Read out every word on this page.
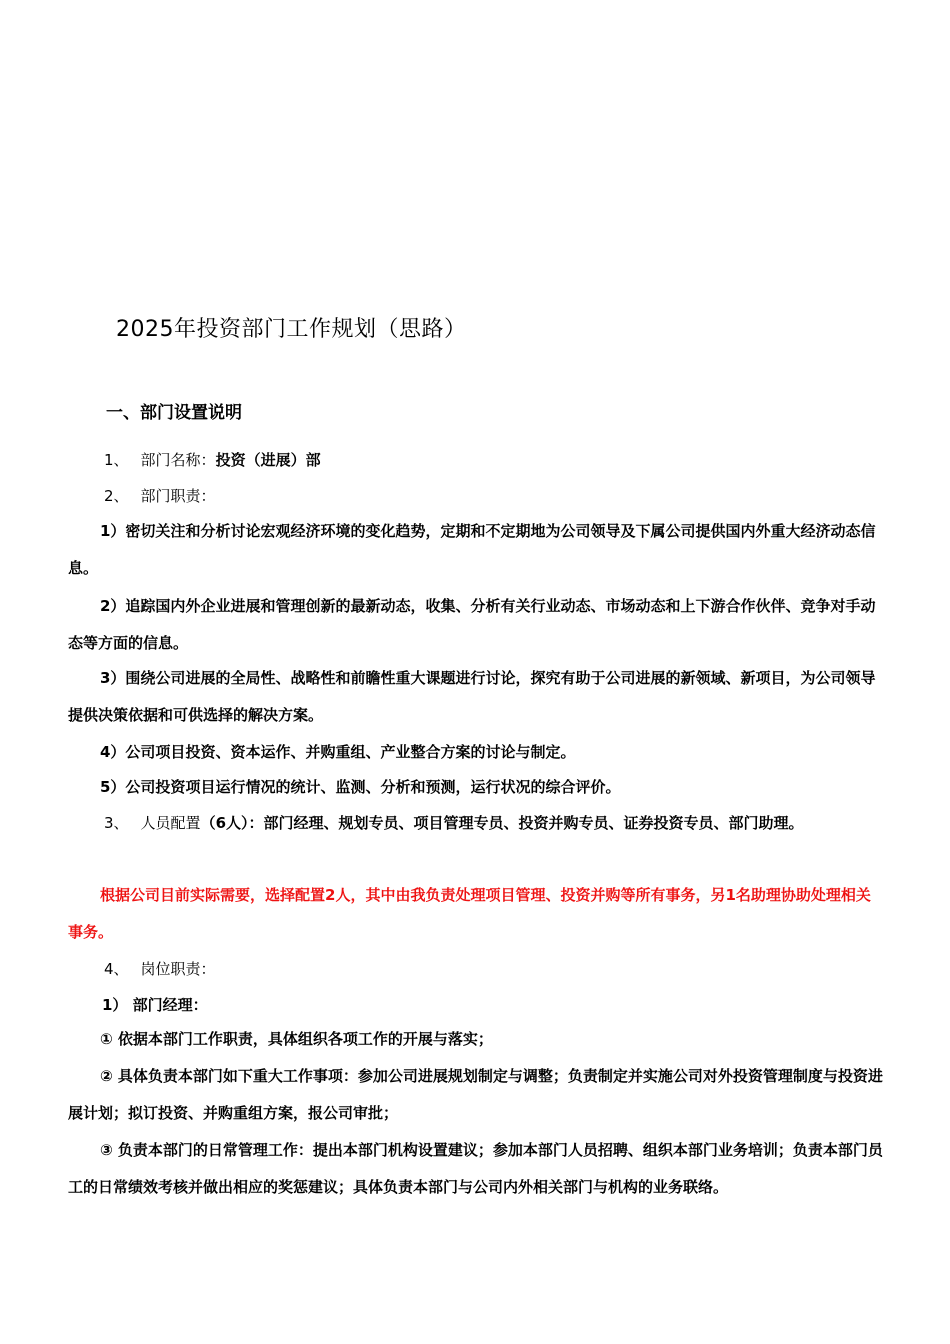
2025年投资部门工作规划（思路）
一、部门设置说明
1、 部门名称：投资（进展）部
2、 部门职责：
1）密切关注和分析讨论宏观经济环境的变化趋势，定期和不定期地为公司领导及下属公司提供国内外重大经济动态信息。
2）追踪国内外企业进展和管理创新的最新动态，收集、分析有关行业动态、市场动态和上下游合作伙伴、竞争对手动态等方面的信息。
3）围绕公司进展的全局性、战略性和前瞻性重大课题进行讨论，探究有助于公司进展的新领域、新项目，为公司领导提供决策依据和可供选择的解决方案。
4）公司项目投资、资本运作、并购重组、产业整合方案的讨论与制定。
5）公司投资项目运行情况的统计、监测、分析和预测，运行状况的综合评价。
3、 人员配置（6人）：部门经理、规划专员、项目管理专员、投资并购专员、证券投资专员、部门助理。
根据公司目前实际需要，选择配置2人，其中由我负责处理项目管理、投资并购等所有事务，另1名助理协助处理相关事务。
4、 岗位职责：
1） 部门经理：
① 依据本部门工作职责，具体组织各项工作的开展与落实；
② 具体负责本部门如下重大工作事项：参加公司进展规划制定与调整；负责制定并实施公司对外投资管理制度与投资进展计划；拟订投资、并购重组方案，报公司审批；
③ 负责本部门的日常管理工作：提出本部门机构设置建议；参加本部门人员招聘、组织本部门业务培训；负责本部门员工的日常绩效考核并做出相应的奖惩建议；具体负责本部门与公司内外相关部门与机构的业务联络。
